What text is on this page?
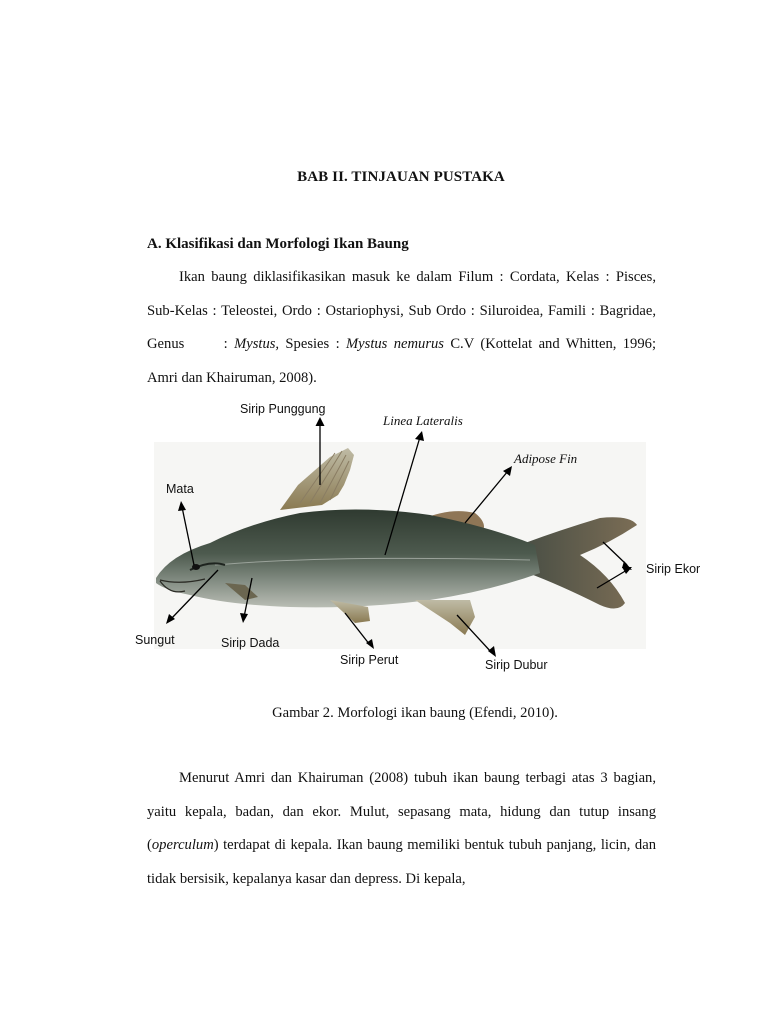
BAB II. TINJAUAN PUSTAKA
A. Klasifikasi dan Morfologi Ikan Baung

Ikan baung diklasifikasikan masuk ke dalam Filum : Cordata, Kelas : Pisces, Sub-Kelas : Teleostei, Ordo : Ostariophysi, Sub Ordo : Siluroidea, Famili : Bagridae, Genus : Mystus, Spesies : Mystus nemurus C.V (Kottelat and Whitten, 1996; Amri dan Khairuman, 2008).

Sirip Punggung
Linea Lateralis
Adipose Fin
Mata
Sirip Ekor
Sungut	Sirip Dada
Sirip Perut	Sirip Dubur
Gambar 2. Morfologi ikan baung (Efendi, 2010).

Menurut Amri dan Khairuman (2008) tubuh ikan baung terbagi atas 3 bagian, yaitu kepala, badan, dan ekor. Mulut, sepasang mata, hidung dan tutup insang (operculum) terdapat di kepala. Ikan baung memiliki bentuk tubuh panjang, licin, dan tidak bersisik, kepalanya kasar dan depress. Di kepala,
